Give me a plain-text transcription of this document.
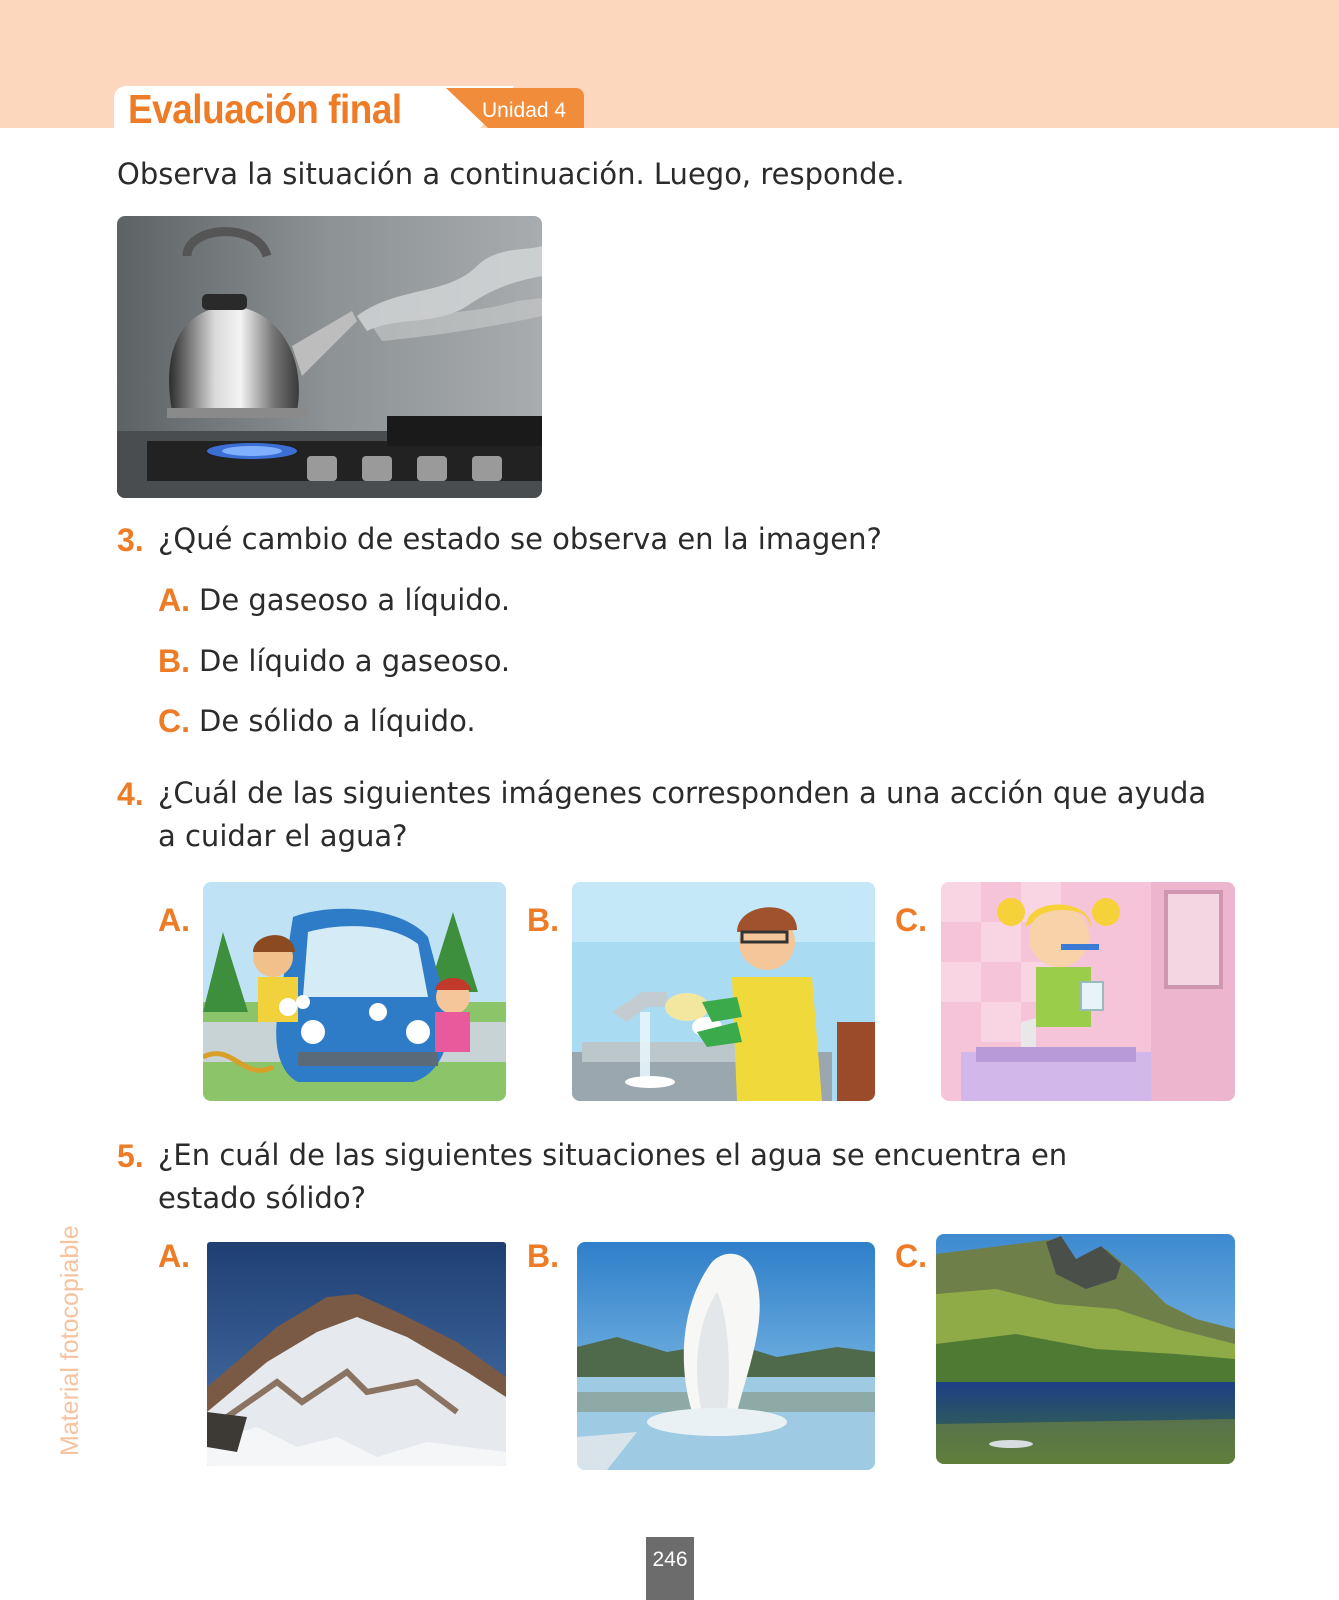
Evaluación final	Unidad 4
Observa la situación a continuación. Luego, responde.
3. ¿Qué cambio de estado se observa en la imagen?
A. De gaseoso a líquido.
B. De líquido a gaseoso.
C. De sólido a líquido.
4. ¿Cuál de las siguientes imágenes corresponden a una acción que ayuda
a cuidar el agua?
A.	B.	C.
5. ¿En cuál de las siguientes situaciones el agua se encuentra en
estado sólido?
A.	B.	C.
Material fotocopiable
246
